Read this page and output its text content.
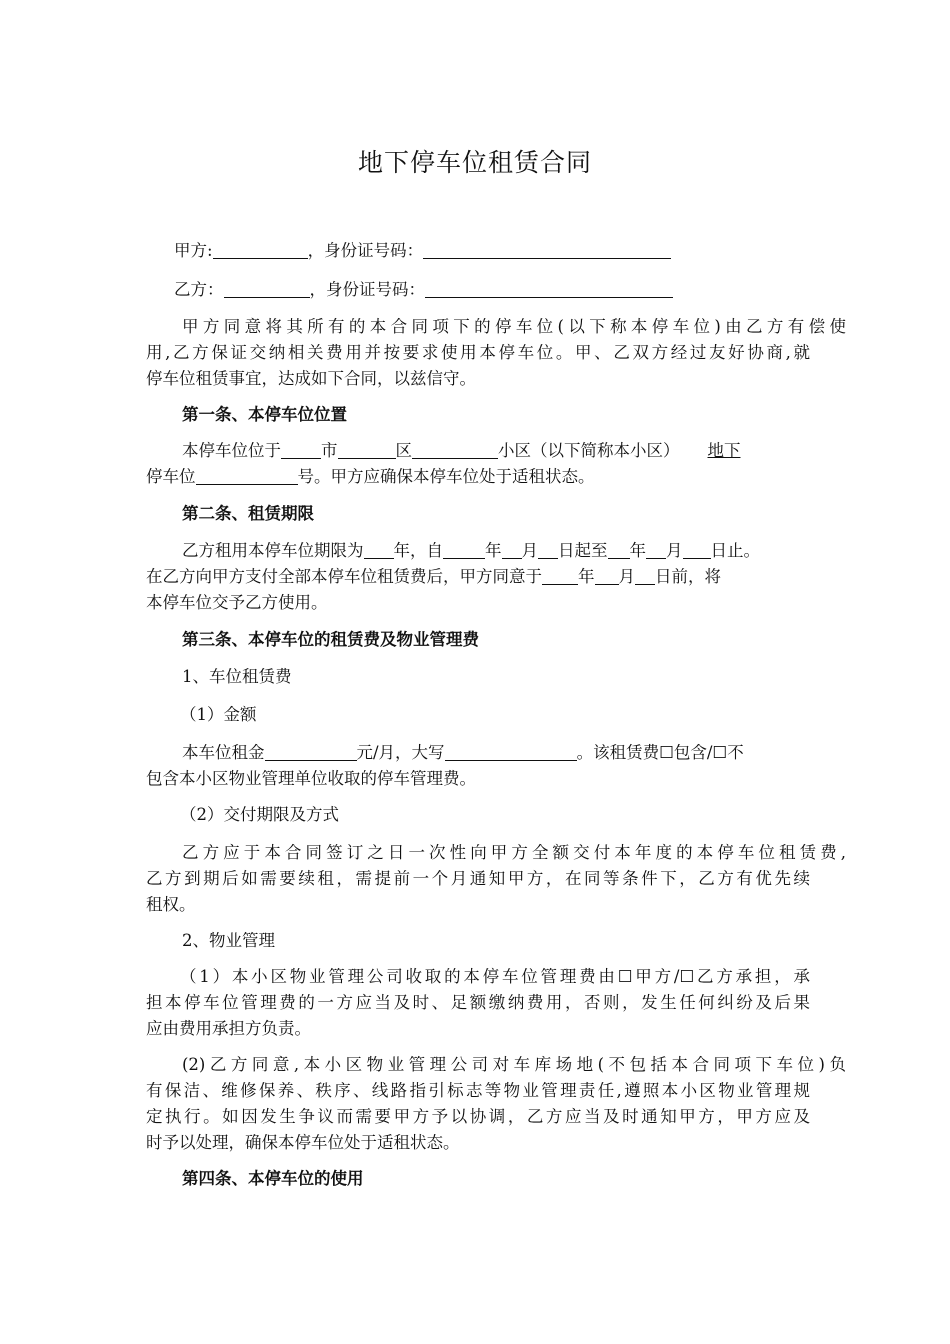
地下停车位租赁合同
甲方:	，身份证号码：
乙方：	，身份证号码：
甲方同意将其所有的本合同项下的停车位(以下称本停车位)由乙方有偿使
用,乙方保证交纳相关费用并按要求使用本停车位。甲、乙双方经过友好协商,就
停车位租赁事宜，达成如下合同，以兹信守。
第一条、本停车位位置
本停车位位于 市	区	小区（以下简称本小区） 地下
停车位	号。甲方应确保本停车位处于适租状态。
第二条、租赁期限
乙方租用本停车位期限为 年，自	年 月 日起至 年 月 日止。
在乙方向甲方支付全部本停车位租赁费后，甲方同意于 年 月 日前，将
本停车位交予乙方使用。
第三条、本停车位的租赁费及物业管理费
1、车位租赁费
（1）金额
本车位租金	元/月，大写	。该租赁费☐包含/☐不
包含本小区物业管理单位收取的停车管理费。
（2）交付期限及方式
乙方应于本合同签订之日一次性向甲方全额交付本年度的本停车位租赁费,
乙方到期后如需要续租，需提前一个月通知甲方，在同等条件下，乙方有优先续
租权。
2、物业管理
（1）本小区物业管理公司收取的本停车位管理费由☐甲方/☐乙方承担，承
担本停车位管理费的一方应当及时、足额缴纳费用，否则，发生任何纠纷及后果
应由费用承担方负责。
(2)乙方同意,本小区物业管理公司对车库场地(不包括本合同项下车位)负
有保洁、维修保养、秩序、线路指引标志等物业管理责任,遵照本小区物业管理规
定执行。如因发生争议而需要甲方予以协调，乙方应当及时通知甲方，甲方应及
时予以处理，确保本停车位处于适租状态。
第四条、本停车位的使用
